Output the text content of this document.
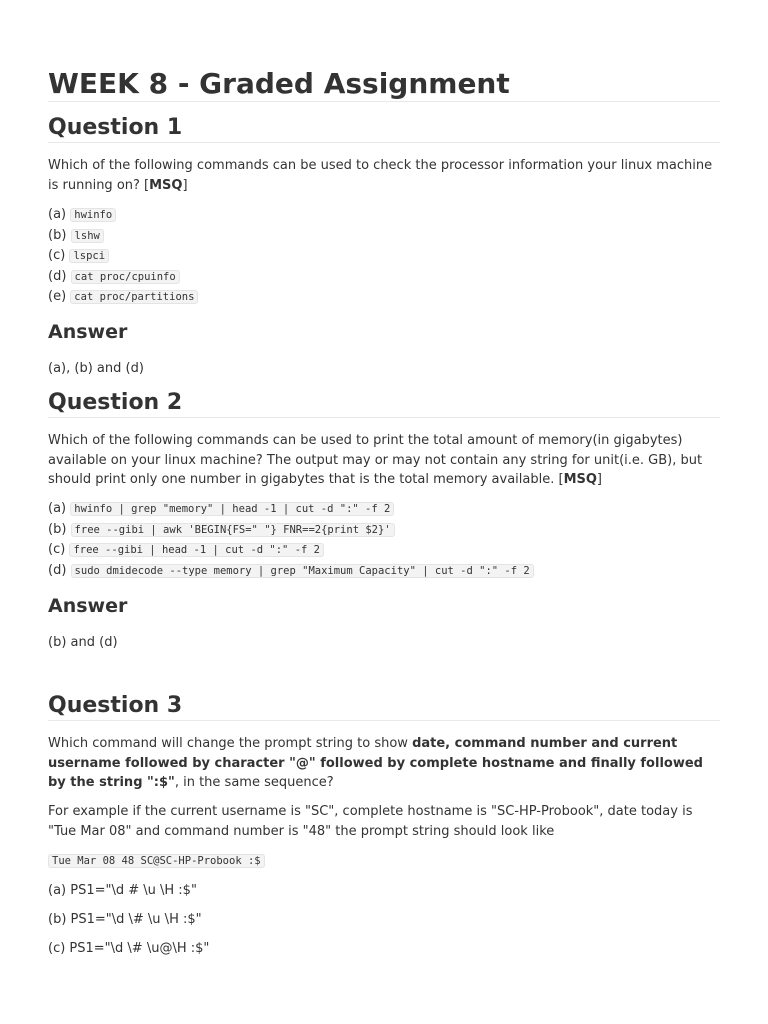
WEEK 8 - Graded Assignment
Question 1

Which of the following commands can be used to check the processor information your linux machine is running on? [MSQ]

(a) hwinfo
(b) lshw
(c) lspci
(d) cat proc/cpuinfo
(e) cat proc/partitions
Answer

(a), (b) and (d)

Question 2

Which of the following commands can be used to print the total amount of memory(in gigabytes) available on your linux machine? The output may or may not contain any string for unit(i.e. GB), but should print only one number in gigabytes that is the total memory available. [MSQ]

(a) hwinfo | grep "memory" | head -1 | cut -d ":" -f 2
(b) free --gibi | awk 'BEGIN{FS=" "} FNR==2{print $2}'
(c) free --gibi | head -1 | cut -d ":" -f 2
(d) sudo dmidecode --type memory | grep "Maximum Capacity" | cut -d ":" -f 2
Answer

(b) and (d)

Question 3

Which command will change the prompt string to show date, command number and current username followed by character "@" followed by complete hostname and finally followed by the string ":$", in the same sequence?

For example if the current username is "SC", complete hostname is "SC-HP-Probook", date today is "Tue Mar 08" and command number is "48" the prompt string should look like

Tue Mar 08 48 SC@SC-HP-Probook :$

(a) PS1="\d # \u \H :$"

(b) PS1="\d \# \u \H :$"

(c) PS1="\d \# \u@\H :$"
